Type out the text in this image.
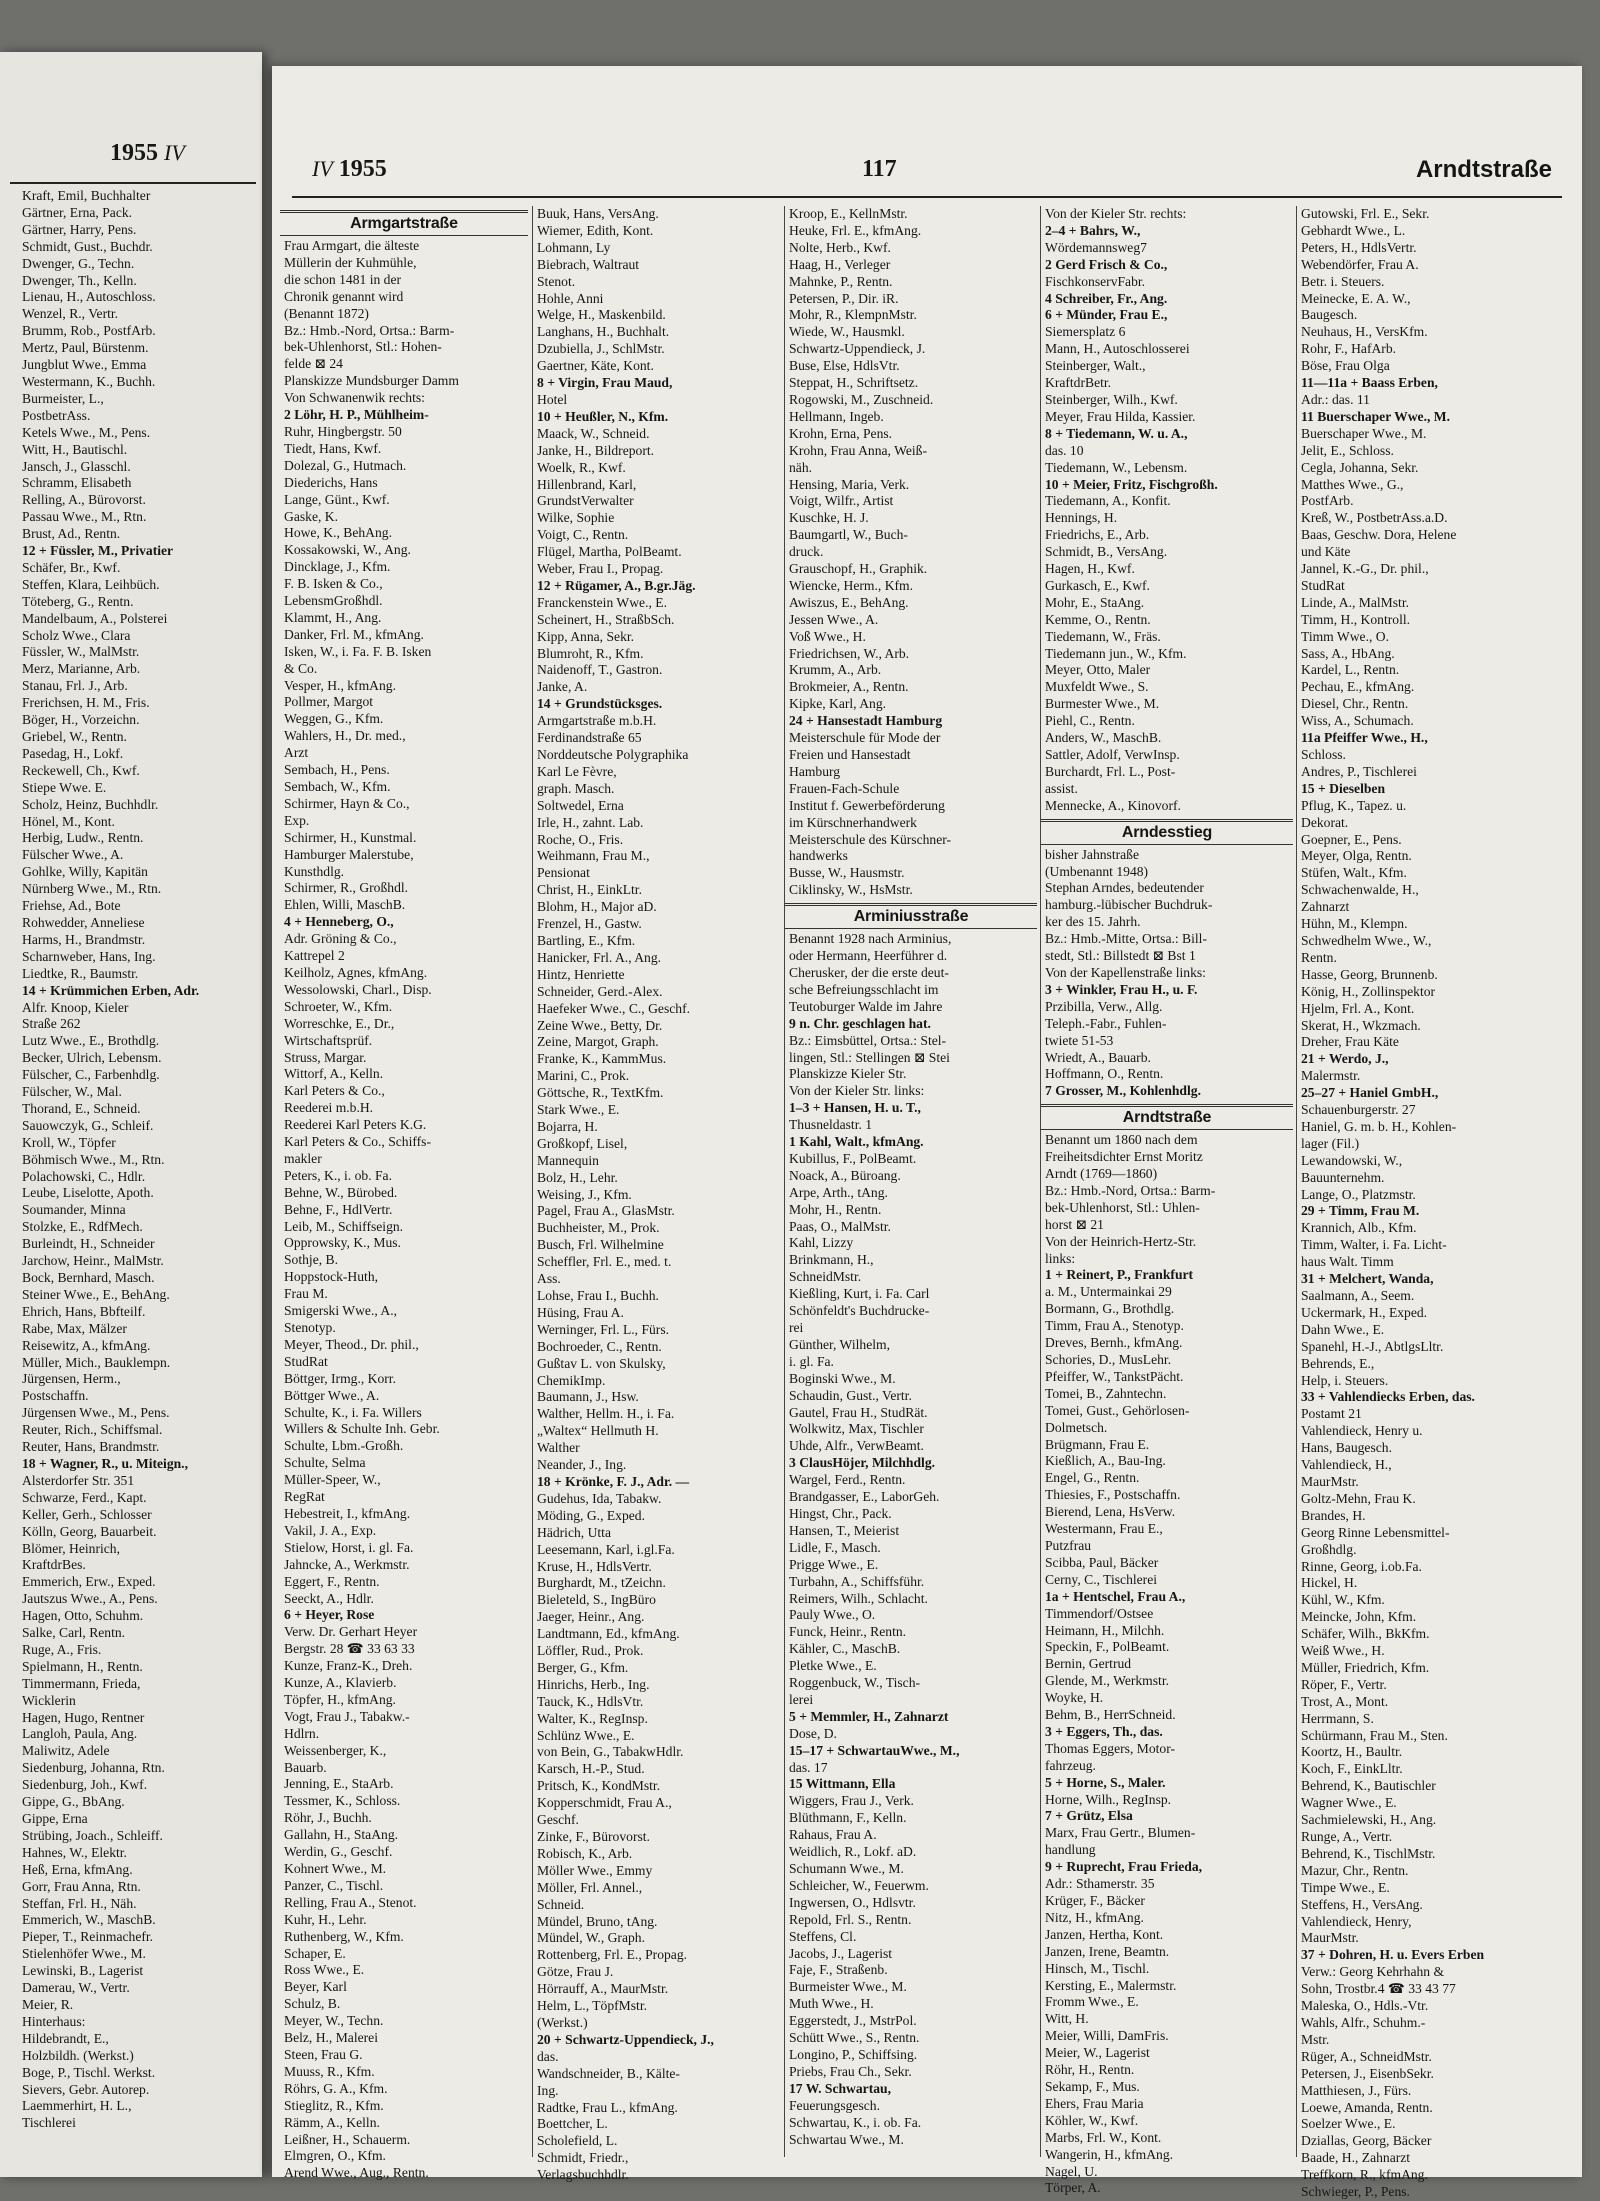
1955 IV
Kraft, Emil, Buchhalter
Gärtner, Erna, Pack.
Gärtner, Harry, Pens.
Schmidt, Gust., Buchdr.
Dwenger, G., Techn.
Dwenger, Th., Kelln.
Lienau, H., Autoschloss.
Wenzel, R., Vertr.
Brumm, Rob., PostfArb.
Mertz, Paul, Bürstenm.
Jungblut Wwe., Emma
Westermann, K., Buchh.
Burmeister, L.,
PostbetrAss.
Ketels Wwe., M., Pens.
Witt, H., Bautischl.
Jansch, J., Glasschl.
Schramm, Elisabeth
Relling, A., Bürovorst.
Passau Wwe., M., Rtn.
Brust, Ad., Rentn.
12 + Füssler, M., Privatier
Schäfer, Br., Kwf.
Steffen, Klara, Leihbüch.
Töteberg, G., Rentn.
Mandelbaum, A., Polsterei
Scholz Wwe., Clara
Füssler, W., MalMstr.
Merz, Marianne, Arb.
Stanau, Frl. J., Arb.
Frerichsen, H. M., Fris.
Böger, H., Vorzeichn.
Griebel, W., Rentn.
Pasedag, H., Lokf.
Reckewell, Ch., Kwf.
Stiepe Wwe. E.
Scholz, Heinz, Buchhdlr.
Hönel, M., Kont.
Herbig, Ludw., Rentn.
Fülscher Wwe., A.
Gohlke, Willy, Kapitän
Nürnberg Wwe., M., Rtn.
Friehse, Ad., Bote
Rohwedder, Anneliese
Harms, H., Brandmstr.
Scharnweber, Hans, Ing.
Liedtke, R., Baumstr.
14 + Krümmichen Erben, Adr.
Alfr. Knoop, Kieler
Straße 262
Lutz Wwe., E., Brothdlg.
Becker, Ulrich, Lebensm.
Fülscher, C., Farbenhdlg.
Fülscher, W., Mal.
Thorand, E., Schneid.
Sauowczyk, G., Schleif.
Kroll, W., Töpfer
Böhmisch Wwe., M., Rtn.
Polachowski, C., Hdlr.
Leube, Liselotte, Apoth.
Soumander, Minna
Stolzke, E., RdfMech.
Burleindt, H., Schneider
Jarchow, Heinr., MalMstr.
Bock, Bernhard, Masch.
Steiner Wwe., E., BehAng.
Ehrich, Hans, Bbfteilf.
Rabe, Max, Mälzer
Reisewitz, A., kfmAng.
Müller, Mich., Bauklempn.
Jürgensen, Herm.,
Postschaffn.
Jürgensen Wwe., M., Pens.
Reuter, Rich., Schiffsmal.
Reuter, Hans, Brandmstr.
18 + Wagner, R., u. Miteign.,
Alsterdorfer Str. 351
Schwarze, Ferd., Kapt.
Keller, Gerh., Schlosser
Kölln, Georg, Bauarbeit.
Blömer, Heinrich,
KraftdrBes.
Emmerich, Erw., Exped.
Jautszus Wwe., A., Pens.
Hagen, Otto, Schuhm.
Salke, Carl, Rentn.
Ruge, A., Fris.
Spielmann, H., Rentn.
Timmermann, Frieda,
Wicklerin
Hagen, Hugo, Rentner
Langloh, Paula, Ang.
Maliwitz, Adele
Siedenburg, Johanna, Rtn.
Siedenburg, Joh., Kwf.
Gippe, G., BbAng.
Gippe, Erna
Strübing, Joach., Schleiff.
Hahnes, W., Elektr.
Heß, Erna, kfmAng.
Gorr, Frau Anna, Rtn.
Steffan, Frl. H., Näh.
Emmerich, W., MaschB.
Pieper, T., Reinmachefr.
Stielenhöfer Wwe., M.
Lewinski, B., Lagerist
Damerau, W., Vertr.
Meier, R.
Hinterhaus:
Hildebrandt, E.,
Holzbildh. (Werkst.)
Boge, P., Tischl. Werkst.
Sievers, Gebr. Autorep.
Laemmerhirt, H. L.,
Tischlerei
IV 1955	117	Arndtstraße
Armgartstraße
Frau Armgart, die älteste
Müllerin der Kuhmühle,
die schon 1481 in der
Chronik genannt wird
(Benannt 1872)
Bz.: Hmb.-Nord, Ortsa.: Barm-
bek-Uhlenhorst, Stl.: Hohen-
felde ⊠ 24
Planskizze Mundsburger Damm
Von Schwanenwik rechts:
2 Löhr, H. P., Mühlheim-
Ruhr, Hingbergstr. 50
Tiedt, Hans, Kwf.
Dolezal, G., Hutmach.
Diederichs, Hans
Lange, Günt., Kwf.
Gaske, K.
Howe, K., BehAng.
Kossakowski, W., Ang.
Dincklage, J., Kfm.
F. B. Isken & Co.,
LebensmGroßhdl.
Klammt, H., Ang.
Danker, Frl. M., kfmAng.
Isken, W., i. Fa. F. B. Isken
& Co.
Vesper, H., kfmAng.
Pollmer, Margot
Weggen, G., Kfm.
Wahlers, H., Dr. med.,
Arzt
Sembach, H., Pens.
Sembach, W., Kfm.
Schirmer, Hayn & Co.,
Exp.
Schirmer, H., Kunstmal.
Hamburger Malerstube,
Kunsthdlg.
Schirmer, R., Großhdl.
Ehlen, Willi, MaschB.
4 + Henneberg, O.,
Adr. Gröning & Co.,
Kattrepel 2
Keilholz, Agnes, kfmAng.
Wessolowski, Charl., Disp.
Schroeter, W., Kfm.
Worreschke, E., Dr.,
Wirtschaftsprüf.
Struss, Margar.
Wittorf, A., Kelln.
Karl Peters & Co.,
Reederei m.b.H.
Reederei Karl Peters K.G.
Karl Peters & Co., Schiffs-
makler
Peters, K., i. ob. Fa.
Behne, W., Bürobed.
Behne, F., HdlVertr.
Leib, M., Schiffseign.
Opprowsky, K., Mus.
Sothje, B.
Hoppstock-Huth,
Frau M.
Smigerski Wwe., A.,
Stenotyp.
Meyer, Theod., Dr. phil.,
StudRat
Böttger, Irmg., Korr.
Böttger Wwe., A.
Schulte, K., i. Fa. Willers
Willers & Schulte Inh. Gebr.
Schulte, Lbm.-Großh.
Schulte, Selma
Müller-Speer, W.,
RegRat
Hebestreit, I., kfmAng.
Vakil, J. A., Exp.
Stielow, Horst, i. gl. Fa.
Jahncke, A., Werkmstr.
Eggert, F., Rentn.
Seeckt, A., Hdlr.
6 + Heyer, Rose
Verw. Dr. Gerhart Heyer
Bergstr. 28 ☎ 33 63 33
Kunze, Franz-K., Dreh.
Kunze, A., Klavierb.
Töpfer, H., kfmAng.
Vogt, Frau J., Tabakw.-
Hdlrn.
Weissenberger, K.,
Bauarb.
Jenning, E., StaArb.
Tessmer, K., Schloss.
Röhr, J., Buchh.
Gallahn, H., StaAng.
Werdin, G., Geschf.
Kohnert Wwe., M.
Panzer, C., Tischl.
Relling, Frau A., Stenot.
Kuhr, H., Lehr.
Ruthenberg, W., Kfm.
Schaper, E.
Ross Wwe., E.
Beyer, Karl
Schulz, B.
Meyer, W., Techn.
Belz, H., Malerei
Steen, Frau G.
Muuss, R., Kfm.
Röhrs, G. A., Kfm.
Stieglitz, R., Kfm.
Rämm, A., Kelln.
Leißner, H., Schauerm.
Elmgren, O., Kfm.
Arend Wwe., Aug., Rentn.
Buuk, Hans, VersAng.
Wiemer, Edith, Kont.
Lohmann, Ly
Biebrach, Waltraut
Stenot.
Hohle, Anni
Welge, H., Maskenbild.
Langhans, H., Buchhalt.
Dzubiella, J., SchlMstr.
Gaertner, Käte, Kont.
8 + Virgin, Frau Maud,
Hotel
10 + Heußler, N., Kfm.
Maack, W., Schneid.
Janke, H., Bildreport.
Woelk, R., Kwf.
Hillenbrand, Karl,
GrundstVerwalter
Wilke, Sophie
Voigt, C., Rentn.
Flügel, Martha, PolBeamt.
Weber, Frau I., Propag.
12 + Rügamer, A., B.gr.Jäg.
Franckenstein Wwe., E.
Scheinert, H., StraßbSch.
Kipp, Anna, Sekr.
Blumroht, R., Kfm.
Naidenoff, T., Gastron.
Janke, A.
14 + Grundstücksges.
Armgartstraße m.b.H.
Ferdinandstraße 65
Norddeutsche Polygraphika
Karl Le Fèvre,
graph. Masch.
Soltwedel, Erna
Irle, H., zahnt. Lab.
Roche, O., Fris.
Weihmann, Frau M.,
Pensionat
Christ, H., EinkLtr.
Blohm, H., Major aD.
Frenzel, H., Gastw.
Bartling, E., Kfm.
Hanicker, Frl. A., Ang.
Hintz, Henriette
Schneider, Gerd.-Alex.
Haefeker Wwe., C., Geschf.
Zeine Wwe., Betty, Dr.
Zeine, Margot, Graph.
Franke, K., KammMus.
Marini, C., Prok.
Göttsche, R., TextKfm.
Stark Wwe., E.
Bojarra, H.
Großkopf, Lisel,
Mannequin
Bolz, H., Lehr.
Weising, J., Kfm.
Pagel, Frau A., GlasMstr.
Buchheister, M., Prok.
Busch, Frl. Wilhelmine
Scheffler, Frl. E., med. t.
Ass.
Lohse, Frau I., Buchh.
Hüsing, Frau A.
Werninger, Frl. L., Fürs.
Bochroeder, C., Rentn.
Gußtav L. von Skulsky,
ChemikImp.
Baumann, J., Hsw.
Walther, Hellm. H., i. Fa.
„Waltex“ Hellmuth H.
Walther
Neander, J., Ing.
18 + Krönke, F. J., Adr. —
Gudehus, Ida, Tabakw.
Möding, G., Exped.
Hädrich, Utta
Leesemann, Karl, i.gl.Fa.
Kruse, H., HdlsVertr.
Burghardt, M., tZeichn.
Bieleteld, S., IngBüro
Jaeger, Heinr., Ang.
Landtmann, Ed., kfmAng.
Löffler, Rud., Prok.
Berger, G., Kfm.
Hinrichs, Herb., Ing.
Tauck, K., HdlsVtr.
Walter, K., RegInsp.
Schlünz Wwe., E.
von Bein, G., TabakwHdlr.
Karsch, H.-P., Stud.
Pritsch, K., KondMstr.
Kopperschmidt, Frau A.,
Geschf.
Zinke, F., Bürovorst.
Robisch, K., Arb.
Möller Wwe., Emmy
Möller, Frl. Annel.,
Schneid.
Mündel, Bruno, tAng.
Mündel, W., Graph.
Rottenberg, Frl. E., Propag.
Götze, Frau J.
Hörrauff, A., MaurMstr.
Helm, L., TöpfMstr.
(Werkst.)
20 + Schwartz-Uppendieck, J.,
das.
Wandschneider, B., Kälte-
Ing.
Radtke, Frau L., kfmAng.
Boettcher, L.
Scholefield, L.
Schmidt, Friedr.,
Verlagsbuchhdlr.
Kroop, E., KellnMstr.
Heuke, Frl. E., kfmAng.
Nolte, Herb., Kwf.
Haag, H., Verleger
Mahnke, P., Rentn.
Petersen, P., Dir. iR.
Mohr, R., KlempnMstr.
Wiede, W., Hausmkl.
Schwartz-Uppendieck, J.
Buse, Else, HdlsVtr.
Steppat, H., Schriftsetz.
Rogowski, M., Zuschneid.
Hellmann, Ingeb.
Krohn, Erna, Pens.
Krohn, Frau Anna, Weiß-
näh.
Hensing, Maria, Verk.
Voigt, Wilfr., Artist
Kuschke, H. J.
Baumgartl, W., Buch-
druck.
Grauschopf, H., Graphik.
Wiencke, Herm., Kfm.
Awiszus, E., BehAng.
Jessen Wwe., A.
Voß Wwe., H.
Friedrichsen, W., Arb.
Krumm, A., Arb.
Brokmeier, A., Rentn.
Kipke, Karl, Ang.
24 + Hansestadt Hamburg
Meisterschule für Mode der
Freien und Hansestadt
Hamburg
Frauen-Fach-Schule
Institut f. Gewerbeförderung
im Kürschnerhandwerk
Meisterschule des Kürschner-
handwerks
Busse, W., Hausmstr.
Ciklinsky, W., HsMstr.
Arminiusstraße
Benannt 1928 nach Arminius,
oder Hermann, Heerführer d.
Cherusker, der die erste deut-
sche Befreiungsschlacht im
Teutoburger Walde im Jahre
9 n. Chr. geschlagen hat.
Bz.: Eimsbüttel, Ortsa.: Stel-
lingen, Stl.: Stellingen ⊠ Stei
Planskizze Kieler Str.
Von der Kieler Str. links:
1–3 + Hansen, H. u. T.,
Thusneldastr. 1
1 Kahl, Walt., kfmAng.
Kubillus, F., PolBeamt.
Noack, A., Büroang.
Arpe, Arth., tAng.
Mohr, H., Rentn.
Paas, O., MalMstr.
Kahl, Lizzy
Brinkmann, H.,
SchneidMstr.
Kießling, Kurt, i. Fa. Carl
Schönfeldt's Buchdrucke-
rei
Günther, Wilhelm,
i. gl. Fa.
Boginski Wwe., M.
Schaudin, Gust., Vertr.
Gautel, Frau H., StudRät.
Wolkwitz, Max, Tischler
Uhde, Alfr., VerwBeamt.
3 ClausHöjer, Milchhdlg.
Wargel, Ferd., Rentn.
Brandgasser, E., LaborGeh.
Hingst, Chr., Pack.
Hansen, T., Meierist
Lidle, F., Masch.
Prigge Wwe., E.
Turbahn, A., Schiffsführ.
Reimers, Wilh., Schlacht.
Pauly Wwe., O.
Funck, Heinr., Rentn.
Kähler, C., MaschB.
Pletke Wwe., E.
Roggenbuck, W., Tisch-
lerei
5 + Memmler, H., Zahnarzt
Dose, D.
15–17 + SchwartauWwe., M.,
das. 17
15 Wittmann, Ella
Wiggers, Frau J., Verk.
Blüthmann, F., Kelln.
Rahaus, Frau A.
Weidlich, R., Lokf. aD.
Schumann Wwe., M.
Schleicher, W., Feuerwm.
Ingwersen, O., Hdlsvtr.
Repold, Frl. S., Rentn.
Steffens, Cl.
Jacobs, J., Lagerist
Faje, F., Straßenb.
Burmeister Wwe., M.
Muth Wwe., H.
Eggerstedt, J., MstrPol.
Schütt Wwe., S., Rentn.
Longino, P., Schiffsing.
Priebs, Frau Ch., Sekr.
17 W. Schwartau,
Feuerungsgesch.
Schwartau, K., i. ob. Fa.
Schwartau Wwe., M.
Von der Kieler Str. rechts:
2–4 + Bahrs, W.,
Wördemannsweg7
2 Gerd Frisch & Co.,
FischkonservFabr.
4 Schreiber, Fr., Ang.
6 + Münder, Frau E.,
Siemersplatz 6
Mann, H., Autoschlosserei
Steinberger, Walt.,
KraftdrBetr.
Steinberger, Wilh., Kwf.
Meyer, Frau Hilda, Kassier.
8 + Tiedemann, W. u. A.,
das. 10
Tiedemann, W., Lebensm.
10 + Meier, Fritz, Fischgroßh.
Tiedemann, A., Konfit.
Hennings, H.
Friedrichs, E., Arb.
Schmidt, B., VersAng.
Hagen, H., Kwf.
Gurkasch, E., Kwf.
Mohr, E., StaAng.
Kemme, O., Rentn.
Tiedemann, W., Fräs.
Tiedemann jun., W., Kfm.
Meyer, Otto, Maler
Muxfeldt Wwe., S.
Burmester Wwe., M.
Piehl, C., Rentn.
Anders, W., MaschB.
Sattler, Adolf, VerwInsp.
Burchardt, Frl. L., Post-
assist.
Mennecke, A., Kinovorf.
Arndesstieg
bisher Jahnstraße
(Umbenannt 1948)
Stephan Arndes, bedeutender
hamburg.-lübischer Buchdruk-
ker des 15. Jahrh.
Bz.: Hmb.-Mitte, Ortsa.: Bill-
stedt, Stl.: Billstedt ⊠ Bst 1
Von der Kapellenstraße links:
3 + Winkler, Frau H., u. F.
Przibilla, Verw., Allg.
Teleph.-Fabr., Fuhlen-
twiete 51-53
Wriedt, A., Bauarb.
Hoffmann, O., Rentn.
7 Grosser, M., Kohlenhdlg.
Arndtstraße
Benannt um 1860 nach dem
Freiheitsdichter Ernst Moritz
Arndt (1769—1860)
Bz.: Hmb.-Nord, Ortsa.: Barm-
bek-Uhlenhorst, Stl.: Uhlen-
horst ⊠ 21
Von der Heinrich-Hertz-Str.
links:
1 + Reinert, P., Frankfurt
a. M., Untermainkai 29
Bormann, G., Brothdlg.
Timm, Frau A., Stenotyp.
Dreves, Bernh., kfmAng.
Schories, D., MusLehr.
Pfeiffer, W., TankstPächt.
Tomei, B., Zahntechn.
Tomei, Gust., Gehörlosen-
Dolmetsch.
Brügmann, Frau E.
Kießlich, A., Bau-Ing.
Engel, G., Rentn.
Thiesies, F., Postschaffn.
Bierend, Lena, HsVerw.
Westermann, Frau E.,
Putzfrau
Scibba, Paul, Bäcker
Cerny, C., Tischlerei
1a + Hentschel, Frau A.,
Timmendorf/Ostsee
Heimann, H., Milchh.
Speckin, F., PolBeamt.
Bernin, Gertrud
Glende, M., Werkmstr.
Woyke, H.
Behm, B., HerrSchneid.
3 + Eggers, Th., das.
Thomas Eggers, Motor-
fahrzeug.
5 + Horne, S., Maler.
Horne, Wilh., RegInsp.
7 + Grütz, Elsa
Marx, Frau Gertr., Blumen-
handlung
9 + Ruprecht, Frau Frieda,
Adr.: Sthamerstr. 35
Krüger, F., Bäcker
Nitz, H., kfmAng.
Janzen, Hertha, Kont.
Janzen, Irene, Beamtn.
Hinsch, M., Tischl.
Kersting, E., Malermstr.
Fromm Wwe., E.
Witt, H.
Meier, Willi, DamFris.
Meier, W., Lagerist
Röhr, H., Rentn.
Sekamp, F., Mus.
Ehers, Frau Maria
Köhler, W., Kwf.
Marbs, Frl. W., Kont.
Wangerin, H., kfmAng.
Nagel, U.
Törper, A.
Gutowski, Frl. E., Sekr.
Gebhardt Wwe., L.
Peters, H., HdlsVertr.
Webendörfer, Frau A.
Betr. i. Steuers.
Meinecke, E. A. W.,
Baugesch.
Neuhaus, H., VersKfm.
Rohr, F., HafArb.
Böse, Frau Olga
11—11a + Baass Erben,
Adr.: das. 11
11 Buerschaper Wwe., M.
Buerschaper Wwe., M.
Jelit, E., Schloss.
Cegla, Johanna, Sekr.
Matthes Wwe., G.,
PostfArb.
Kreß, W., PostbetrAss.a.D.
Baas, Geschw. Dora, Helene
und Käte
Jannel, K.-G., Dr. phil.,
StudRat
Linde, A., MalMstr.
Timm, H., Kontroll.
Timm Wwe., O.
Sass, A., HbAng.
Kardel, L., Rentn.
Pechau, E., kfmAng.
Diesel, Chr., Rentn.
Wiss, A., Schumach.
11a Pfeiffer Wwe., H.,
Schloss.
Andres, P., Tischlerei
15 + Dieselben
Pflug, K., Tapez. u.
Dekorat.
Goepner, E., Pens.
Meyer, Olga, Rentn.
Stüfen, Walt., Kfm.
Schwachenwalde, H.,
Zahnarzt
Hühn, M., Klempn.
Schwedhelm Wwe., W.,
Rentn.
Hasse, Georg, Brunnenb.
König, H., Zollinspektor
Hjelm, Frl. A., Kont.
Skerat, H., Wkzmach.
Dreher, Frau Käte
21 + Werdo, J.,
Malermstr.
25–27 + Haniel GmbH.,
Schauenburgerstr. 27
Haniel, G. m. b. H., Kohlen-
lager (Fil.)
Lewandowski, W.,
Bauunternehm.
Lange, O., Platzmstr.
29 + Timm, Frau M.
Krannich, Alb., Kfm.
Timm, Walter, i. Fa. Licht-
haus Walt. Timm
31 + Melchert, Wanda,
Saalmann, A., Seem.
Uckermark, H., Exped.
Dahn Wwe., E.
Spanehl, H.-J., AbtlgsLltr.
Behrends, E.,
Help, i. Steuers.
33 + Vahlendiecks Erben, das.
Postamt 21
Vahlendieck, Henry u.
Hans, Baugesch.
Vahlendieck, H.,
MaurMstr.
Goltz-Mehn, Frau K.
Brandes, H.
Georg Rinne Lebensmittel-
Großhdlg.
Rinne, Georg, i.ob.Fa.
Hickel, H.
Kühl, W., Kfm.
Meincke, John, Kfm.
Schäfer, Wilh., BkKfm.
Weiß Wwe., H.
Müller, Friedrich, Kfm.
Röper, F., Vertr.
Trost, A., Mont.
Herrmann, S.
Schürmann, Frau M., Sten.
Koortz, H., Baultr.
Koch, F., EinkLltr.
Behrend, K., Bautischler
Wagner Wwe., E.
Sachmielewski, H., Ang.
Runge, A., Vertr.
Behrend, K., TischlMstr.
Mazur, Chr., Rentn.
Timpe Wwe., E.
Steffens, H., VersAng.
Vahlendieck, Henry,
MaurMstr.
37 + Dohren, H. u. Evers Erben
Verw.: Georg Kehrhahn &
Sohn, Trostbr.4 ☎ 33 43 77
Maleska, O., Hdls.-Vtr.
Wahls, Alfr., Schuhm.-
Mstr.
Rüger, A., SchneidMstr.
Petersen, J., EisenbSekr.
Matthiesen, J., Fürs.
Loewe, Amanda, Rentn.
Soelzer Wwe., E.
Dziallas, Georg, Bäcker
Baade, H., Zahnarzt
Treffkorn, R., kfmAng.
Schwieger, P., Pens.
